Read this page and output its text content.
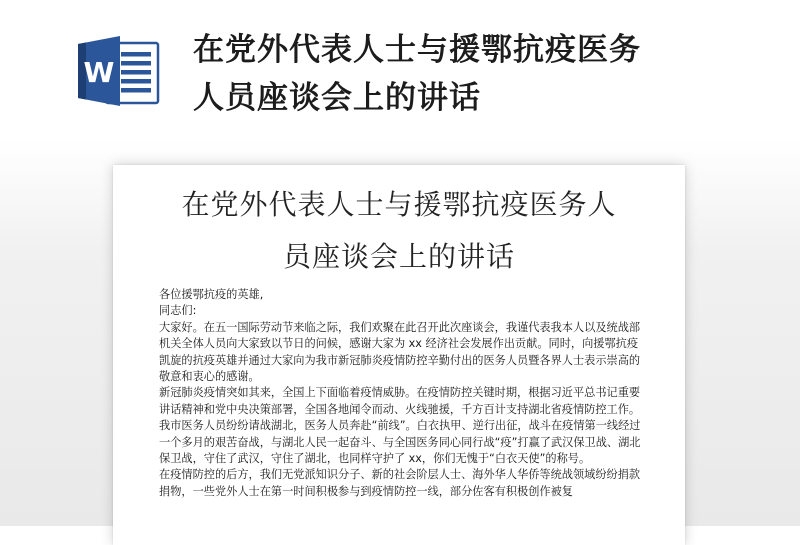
W
在党外代表人士与援鄂抗疫医务
人员座谈会上的讲话
在党外代表人士与援鄂抗疫医务人
员座谈会上的讲话

各位援鄂抗疫的英雄,

同志们:

大家好。在五一国际劳动节来临之际，我们欢聚在此召开此次座谈会，我谨代表我本人以及统战部机关全体人员向大家致以节日的问候，感谢大家为 xx 经济社会发展作出贡献。同时，向援鄂抗疫凯旋的抗疫英雄并通过大家向为我市新冠肺炎疫情防控辛勤付出的医务人员暨各界人士表示崇高的敬意和衷心的感谢。

新冠肺炎疫情突如其来，全国上下面临着疫情威胁。在疫情防控关键时期，根据习近平总书记重要讲话精神和党中央决策部署，全国各地闻令而动、火线驰援，千方百计支持湖北省疫情防控工作。我市医务人员纷纷请战湖北，医务人员奔赴“前线”。白衣执甲、逆行出征，战斗在疫情第一线经过一个多月的艰苦奋战，与湖北人民一起奋斗、与全国医务同心同行战“疫”打赢了武汉保卫战、湖北保卫战，守住了武汉，守住了湖北，也同样守护了 xx，你们无愧于“白衣天使”的称号。

在疫情防控的后方，我们无党派知识分子、新的社会阶层人士、海外华人华侨等统战领域纷纷捐款捐物，一些党外人士在第一时间积极参与到疫情防控一线，部分佐客有积极创作被复
